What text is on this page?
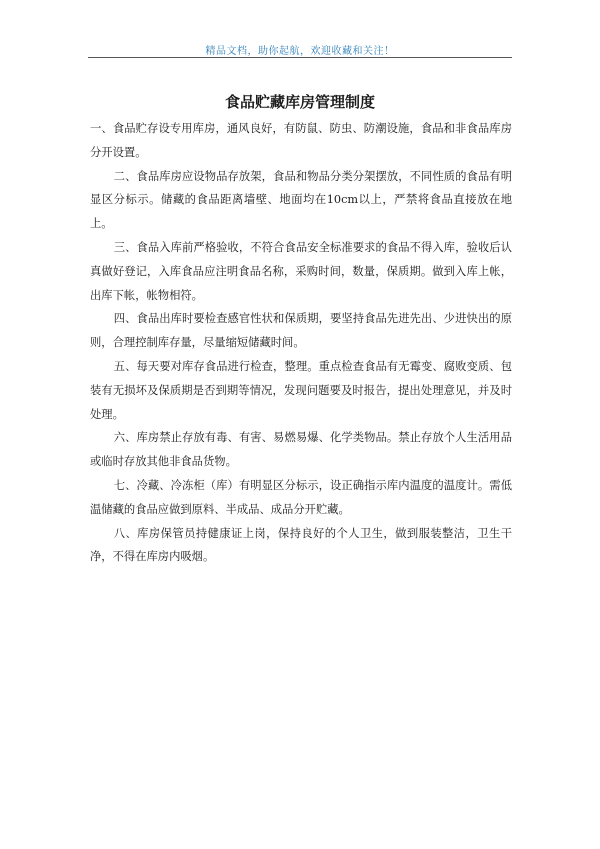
精品文档，助你起航，欢迎收藏和关注！
食品贮藏库房管理制度

一、食品贮存设专用库房，通风良好，有防鼠、防虫、防潮设施，食品和非食品库房分开设置。

二、食品库房应设物品存放架，食品和物品分类分架摆放，不同性质的食品有明显区分标示。储藏的食品距离墙壁、地面均在10cm以上，严禁将食品直接放在地上。

三、食品入库前严格验收，不符合食品安全标准要求的食品不得入库，验收后认真做好登记，入库食品应注明食品名称，采购时间，数量，保质期。做到入库上帐，出库下帐，帐物相符。

四、食品出库时要检查感官性状和保质期，要坚持食品先进先出、少进快出的原则，合理控制库存量，尽量缩短储藏时间。

五、每天要对库存食品进行检查，整理。重点检查食品有无霉变、腐败变质、包装有无损坏及保质期是否到期等情况，发现问题要及时报告，提出处理意见，并及时处理。

六、库房禁止存放有毒、有害、易燃易爆、化学类物品。禁止存放个人生活用品或临时存放其他非食品货物。

七、冷藏、冷冻柜（库）有明显区分标示，设正确指示库内温度的温度计。需低温储藏的食品应做到原料、半成品、成品分开贮藏。

八、库房保管员持健康证上岗，保持良好的个人卫生，做到服装整洁，卫生干净，不得在库房内吸烟。
